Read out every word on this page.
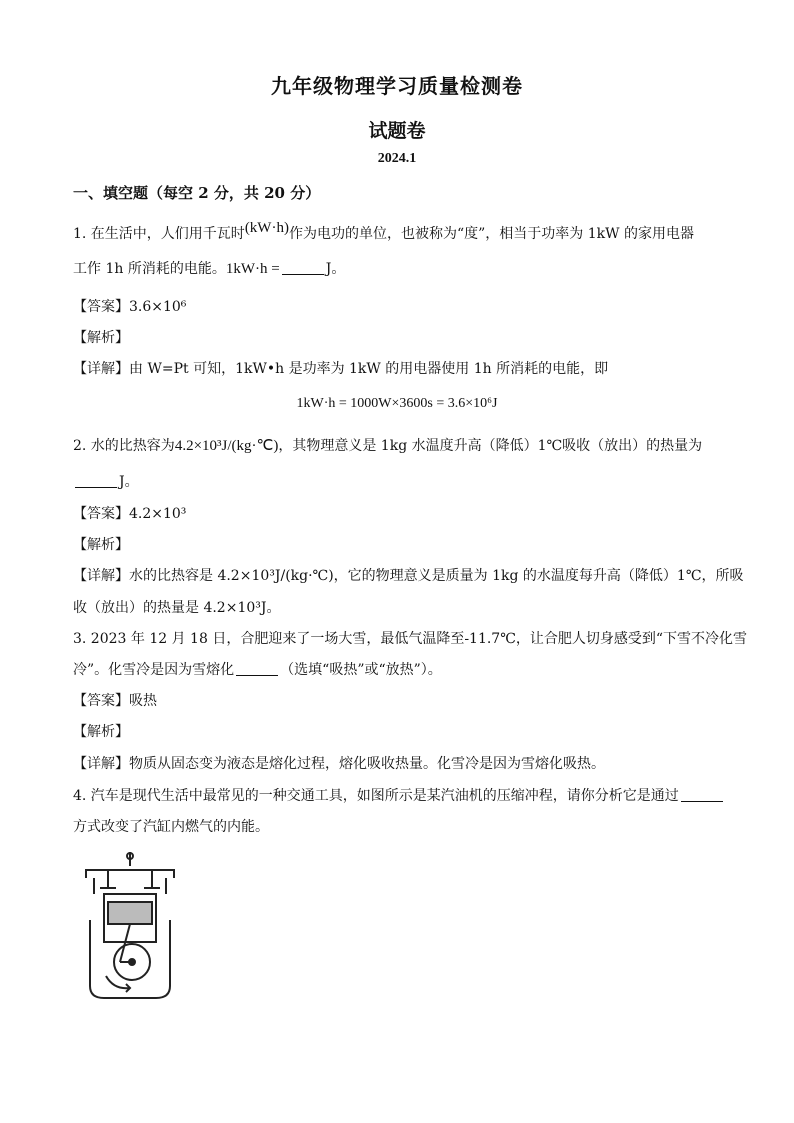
九年级物理学习质量检测卷
试题卷
2024.1
一、填空题（每空 2 分，共 20 分）
1. 在生活中，人们用千瓦时(kW·h)作为电功的单位，也被称为“度”，相当于功率为 1kW 的家用电器
工作 1h 所消耗的电能。1kW·h =	J。
【答案】3.6×10⁶
【解析】
【详解】由 W=Pt 可知，1kW•h 是功率为 1kW 的用电器使用 1h 所消耗的电能，即
1kW·h = 1000W×3600s = 3.6×10⁶J
2. 水的比热容为4.2×10³J/(kg·℃)，其物理意义是 1kg 水温度升高（降低）1℃吸收（放出）的热量为
J。
【答案】4.2×10³
【解析】
【详解】水的比热容是 4.2×10³J/(kg·℃)，它的物理意义是质量为 1kg 的水温度每升高（降低）1℃，所吸
收（放出）的热量是 4.2×10³J。
3. 2023 年 12 月 18 日，合肥迎来了一场大雪，最低气温降至-11.7℃，让合肥人切身感受到“下雪不冷化雪
冷”。化雪冷是因为雪熔化	（选填“吸热”或“放热”）。
【答案】吸热
【解析】
【详解】物质从固态变为液态是熔化过程，熔化吸收热量。化雪冷是因为雪熔化吸热。
4. 汽车是现代生活中最常见的一种交通工具，如图所示是某汽油机的压缩冲程，请你分析它是通过
方式改变了汽缸内燃气的内能。
